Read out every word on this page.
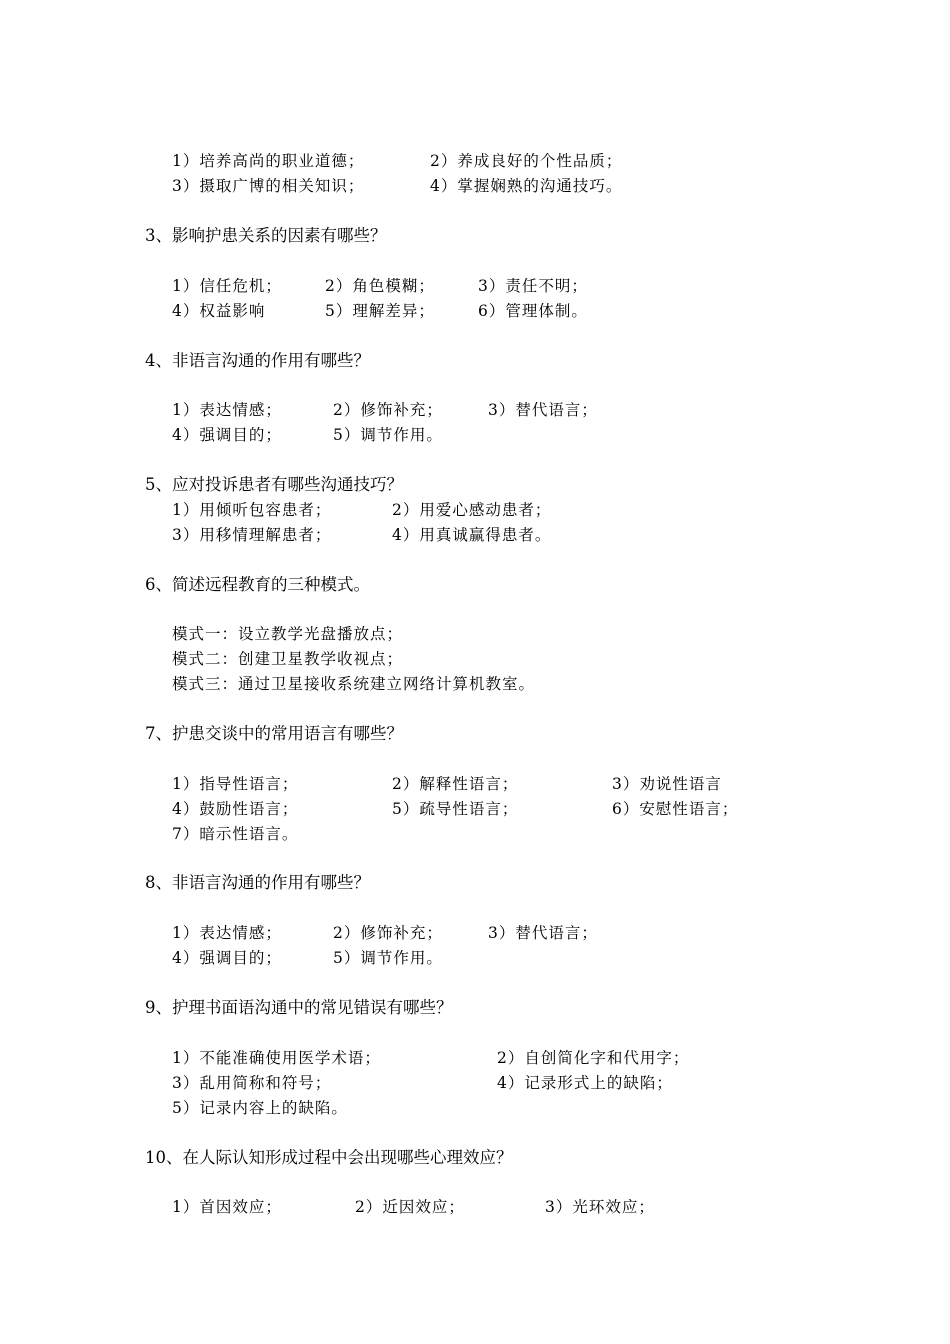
1）培养高尚的职业道德；	2）养成良好的个性品质；
3）摄取广博的相关知识；	4）掌握娴熟的沟通技巧。
3、影响护患关系的因素有哪些？
1）信任危机；	2）角色模糊；	3）责任不明；
4）权益影响	5）理解差异；	6）管理体制。
4、非语言沟通的作用有哪些？
1）表达情感；	2）修饰补充；	3）替代语言；
4）强调目的；	5）调节作用。
5、应对投诉患者有哪些沟通技巧？
1）用倾听包容患者；	2）用爱心感动患者；
3）用移情理解患者；	4）用真诚赢得患者。
6、简述远程教育的三种模式。
模式一：设立教学光盘播放点；
模式二：创建卫星教学收视点；
模式三：通过卫星接收系统建立网络计算机教室。
7、护患交谈中的常用语言有哪些？
1）指导性语言；	2）解释性语言；	3）劝说性语言
4）鼓励性语言；	5）疏导性语言；	6）安慰性语言；
7）暗示性语言。
8、非语言沟通的作用有哪些？
1）表达情感；	2）修饰补充；	3）替代语言；
4）强调目的；	5）调节作用。
9、护理书面语沟通中的常见错误有哪些？
1）不能准确使用医学术语；	2）自创简化字和代用字；
3）乱用简称和符号；	4）记录形式上的缺陷；
5）记录内容上的缺陷。
10、在人际认知形成过程中会出现哪些心理效应？
1）首因效应；	2）近因效应；	3）光环效应；
